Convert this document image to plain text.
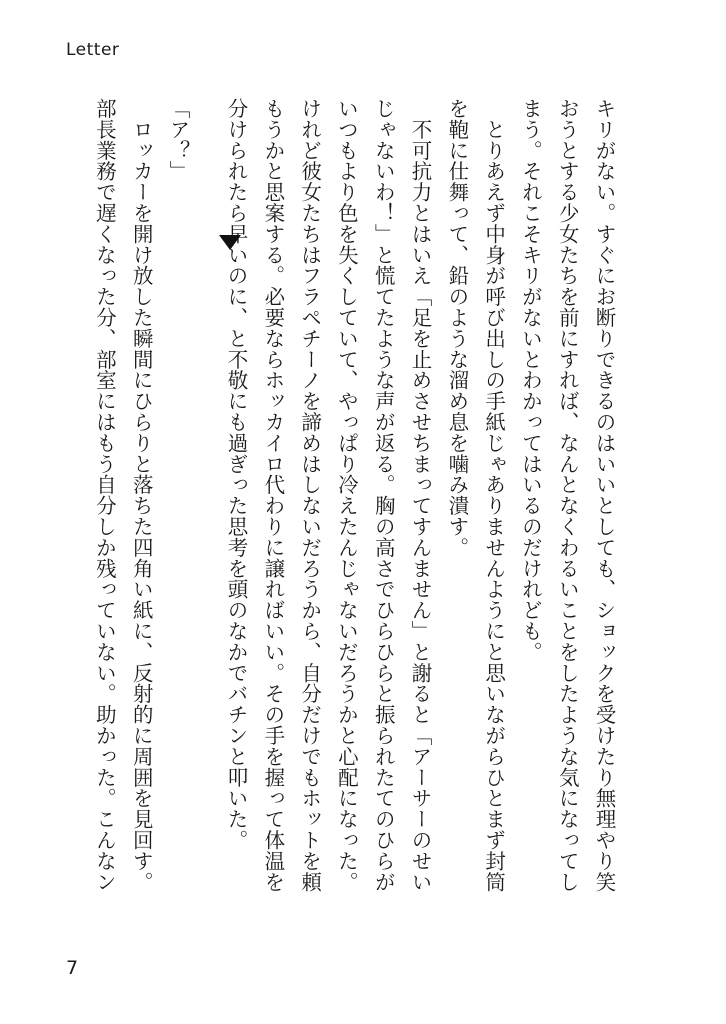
Letter
キリがない。すぐにお断りできるのはいいとしても、ショックを受けたり無理やり笑
おうとする少女たちを前にすれば、なんとなくわるいことをしたような気になってし
まう。それこそキリがないとわかってはいるのだけれども。
　とりあえず中身が呼び出しの手紙じゃありませんようにと思いながらひとまず封筒
を鞄に仕舞って、鉛のような溜め息を噛み潰す。
　不可抗力とはいえ「足を止めさせちまってすんません」と謝ると「アーサーのせい
じゃないわ！」と慌てたような声が返る。胸の高さでひらひらと振られたてのひらが
いつもより色を失くしていて、やっぱり冷えたんじゃないだろうかと心配になった。
けれど彼女たちはフラペチーノを諦めはしないだろうから、自分だけでもホットを頼
もうかと思案する。必要ならホッカイロ代わりに譲ればいい。その手を握って体温を
分けられたら早いのに、と不敬にも過ぎった思考を頭のなかでバチンと叩いた。
「ア？」
　ロッカーを開け放した瞬間にひらりと落ちた四角い紙に、反射的に周囲を見回す。
部長業務で遅くなった分、部室にはもう自分しか残っていない。助かった。こんなン
7
